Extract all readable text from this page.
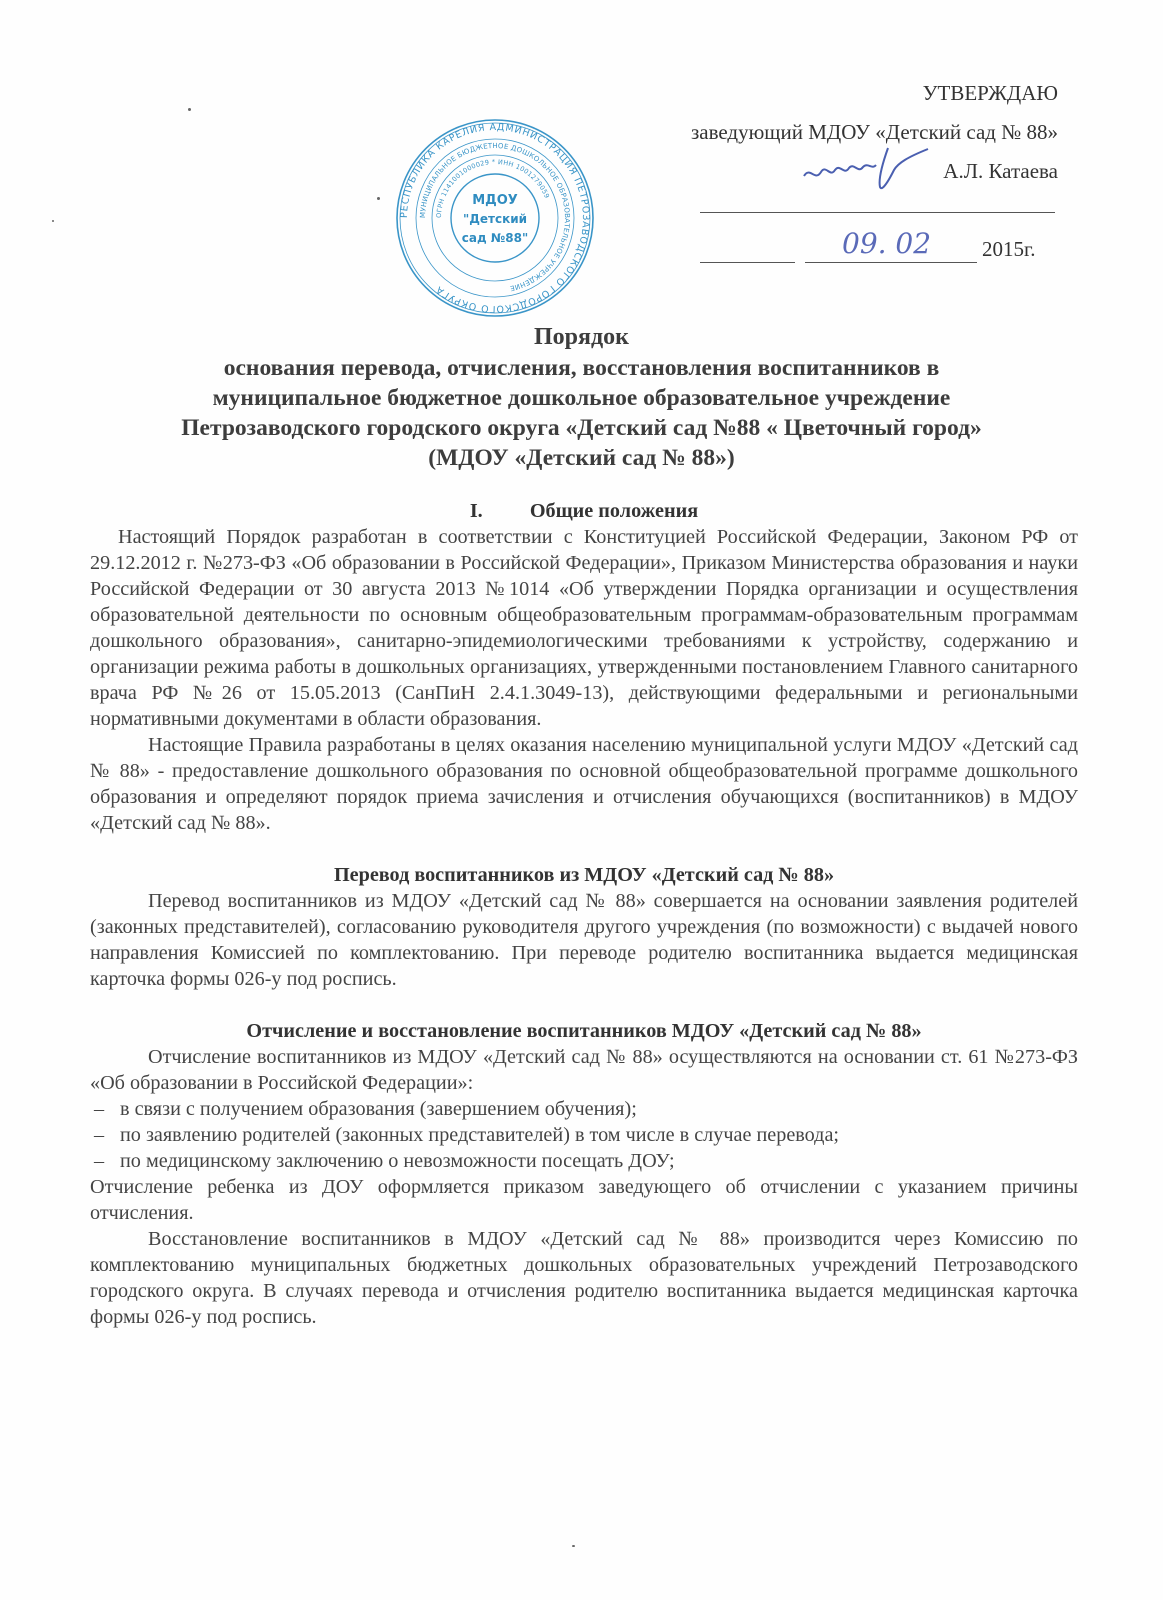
УТВЕРЖДАЮ
заведующий МДОУ «Детский сад № 88»
А.Л. Катаева
09. 02 2015г.
РЕСПУБЛИКА КАРЕЛИЯ АДМИНИСТРАЦИЯ ПЕТРОЗАВОДСКОГО ГОРОДСКОГО ОКРУГА
МУНИЦИПАЛЬНОЕ БЮДЖЕТНОЕ ДОШКОЛЬНОЕ ОБРАЗОВАТЕЛЬНОЕ УЧРЕЖДЕНИЕ
ОГРН 1141001000029 * ИНН 1001279059
МДОУ
"Детский
сад №88"
Порядок
основания перевода, отчисления, восстановления воспитанников в
муниципальное бюджетное дошкольное образовательное учреждение
Петрозаводского городского округа «Детский сад №88 « Цветочный город»
(МДОУ «Детский сад № 88»)
I. Общие положения

Настоящий Порядок разработан в соответствии с Конституцией Российской Федерации, Законом РФ от 29.12.2012 г. №273-ФЗ «Об образовании в Российской Федерации», Приказом Министерства образования и науки Российской Федерации от 30 августа 2013 №1014 «Об утверждении Порядка организации и осуществления образовательной деятельности по основным общеобразовательным программам-образовательным программам дошкольного образования», санитарно-эпидемиологическими требованиями к устройству, содержанию и организации режима работы в дошкольных организациях, утвержденными постановлением Главного санитарного врача РФ №26 от 15.05.2013 (СанПиН 2.4.1.3049-13), действующими федеральными и региональными нормативными документами в области образования.

Настоящие Правила разработаны в целях оказания населению муниципальной услуги МДОУ «Детский сад № 88» - предоставление дошкольного образования по основной общеобразовательной программе дошкольного образования и определяют порядок приема зачисления и отчисления обучающихся (воспитанников) в МДОУ «Детский сад № 88».

Перевод воспитанников из МДОУ «Детский сад № 88»

Перевод воспитанников из МДОУ «Детский сад № 88» совершается на основании заявления родителей (законных представителей), согласованию руководителя другого учреждения (по возможности) с выдачей нового направления Комиссией по комплектованию. При переводе родителю воспитанника выдается медицинская карточка формы 026-у под роспись.

Отчисление и восстановление воспитанников МДОУ «Детский сад № 88»

Отчисление воспитанников из МДОУ «Детский сад № 88» осуществляются на основании ст. 61 №273-ФЗ «Об образовании в Российской Федерации»:

– в связи с получением образования (завершением обучения);
– по заявлению родителей (законных представителей) в том числе в случае перевода;
– по медицинскому заключению о невозможности посещать ДОУ;

Отчисление ребенка из ДОУ оформляется приказом заведующего об отчислении с указанием причины отчисления.

Восстановление воспитанников в МДОУ «Детский сад № 88» производится через Комиссию по комплектованию муниципальных бюджетных дошкольных образовательных учреждений Петрозаводского городского округа. В случаях перевода и отчисления родителю воспитанника выдается медицинская карточка формы 026-у под роспись.
